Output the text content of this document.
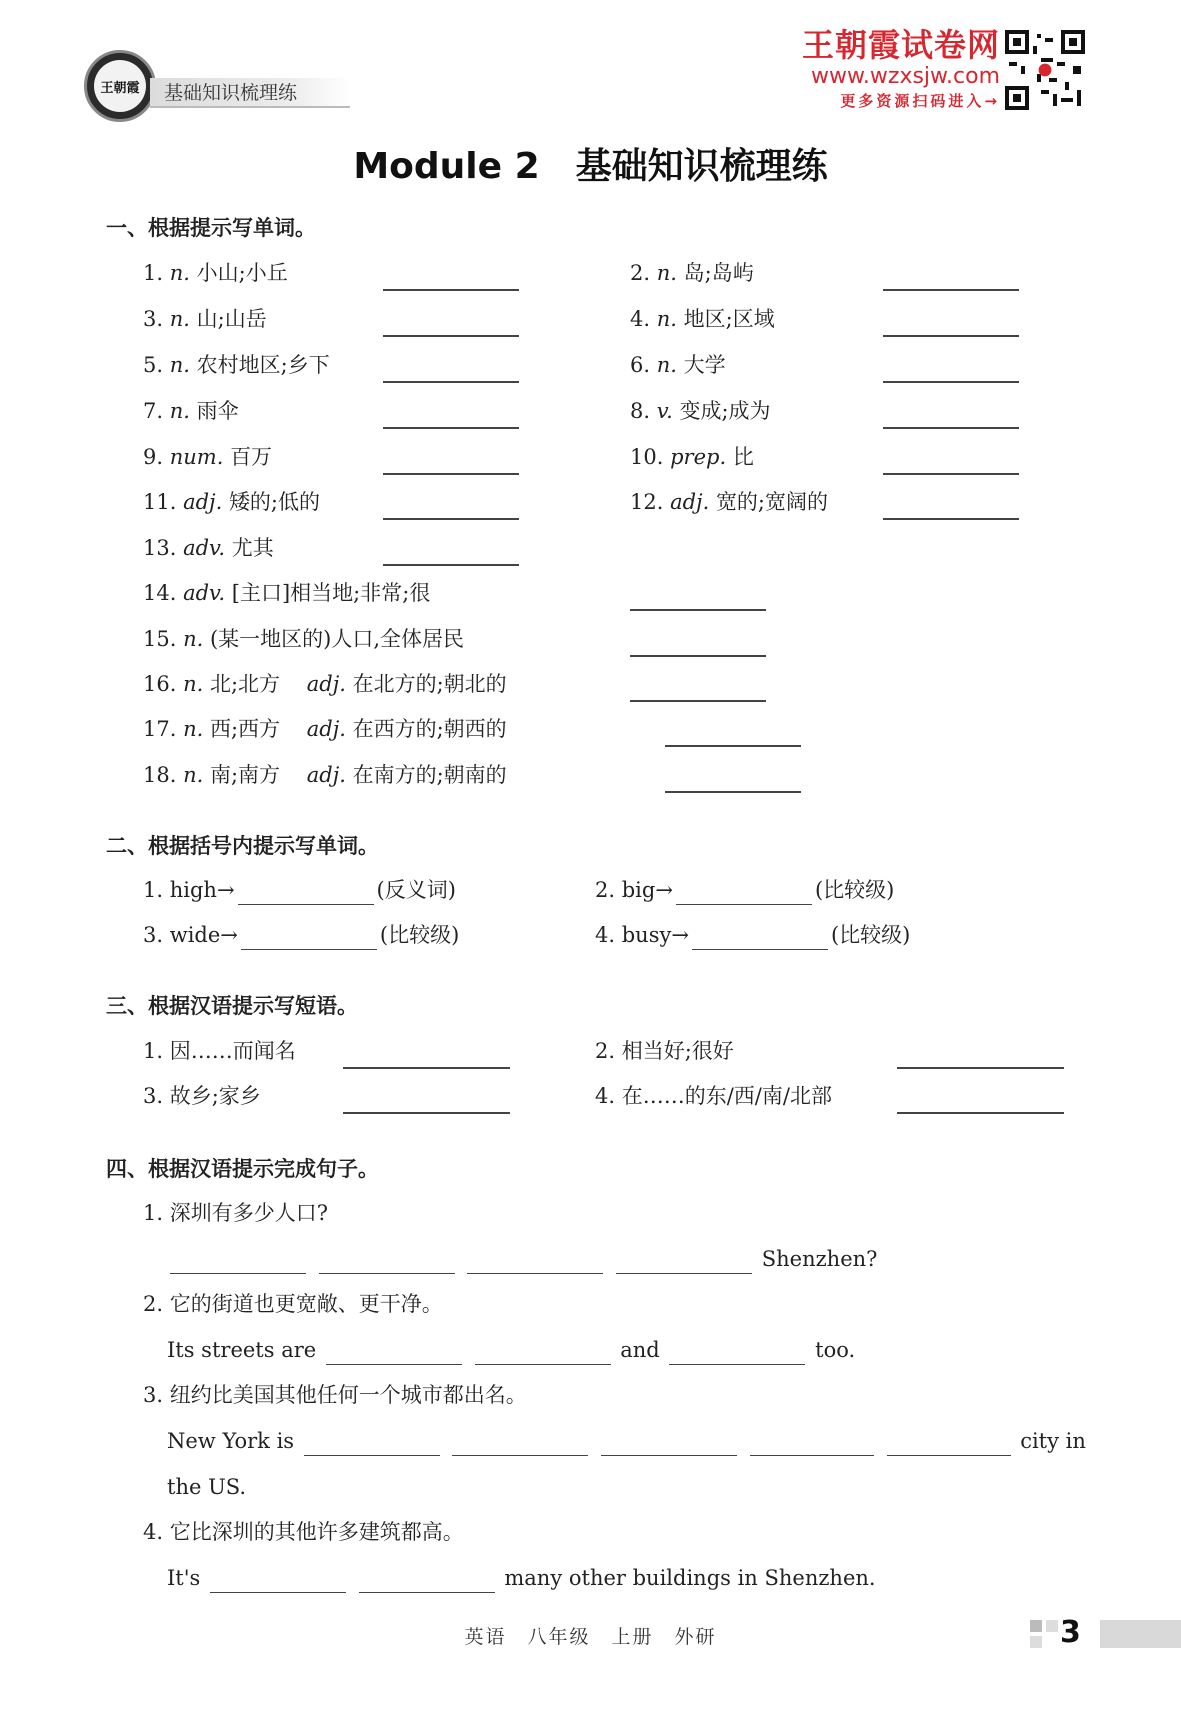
王朝霞	基础知识梳理练
王朝霞试卷网
www.wzxsjw.com
更多资源扫码进入→
Module 2　基础知识梳理练
一、根据提示写单词。
1. n. 小山;小丘	2. n. 岛;岛屿
3. n. 山;山岳	4. n. 地区;区域
5. n. 农村地区;乡下	6. n. 大学
7. n. 雨伞	8. v. 变成;成为
9. num. 百万	10. prep. 比
11. adj. 矮的;低的	12. adj. 宽的;宽阔的
13. adv. 尤其
14. adv. [主口]相当地;非常;很
15. n. (某一地区的)人口,全体居民
16. n. 北;北方 adj. 在北方的;朝北的
17. n. 西;西方 adj. 在西方的;朝西的
18. n. 南;南方 adj. 在南方的;朝南的
二、根据括号内提示写单词。
1. high→	(反义词)	2. big→	(比较级)
3. wide→	(比较级)	4. busy→	(比较级)
三、根据汉语提示写短语。
1. 因……而闻名	2. 相当好;很好
3. 故乡;家乡	4. 在……的东/西/南/北部
四、根据汉语提示完成句子。
1. 深圳有多少人口?
Shenzhen?
2. 它的街道也更宽敞、更干净。
Its streets are	and	too.
3. 纽约比美国其他任何一个城市都出名。
New York is	city in
the US.
4. 它比深圳的其他许多建筑都高。
It's	many other buildings in Shenzhen.
英语　八年级　上册　外研	3
